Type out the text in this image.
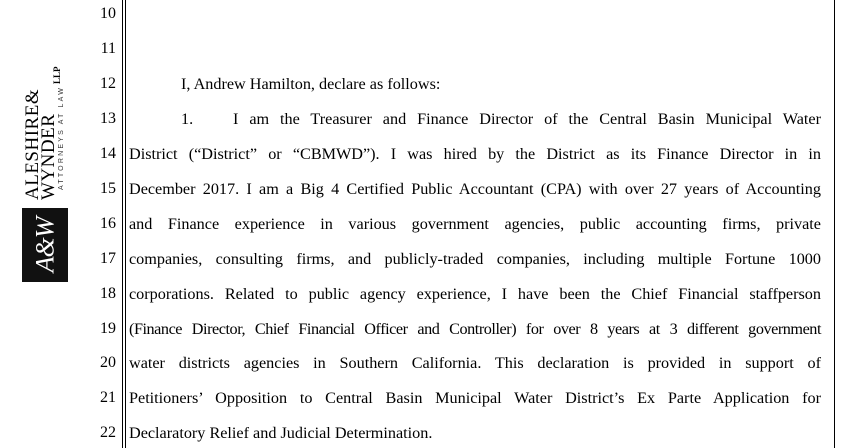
ALESHIRE&
WYNDER
LLP
ATTORNEYS AT LAW
A&W
10
11
12
13
14
15
16
17
18
19
20
21
22
I, Andrew Hamilton, declare as follows:
1. I am the Treasurer and Finance Director of the Central Basin Municipal Water
District (“District” or “CBMWD”). I was hired by the District as its Finance Director in in
December 2017. I am a Big 4 Certified Public Accountant (CPA) with over 27 years of Accounting
and Finance experience in various government agencies, public accounting firms, private
companies, consulting firms, and publicly-traded companies, including multiple Fortune 1000
corporations. Related to public agency experience, I have been the Chief Financial staffperson
(Finance Director, Chief Financial Officer and Controller) for over 8 years at 3 different government
water districts agencies in Southern California. This declaration is provided in support of
Petitioners’ Opposition to Central Basin Municipal Water District’s Ex Parte Application for
Declaratory Relief and Judicial Determination.
